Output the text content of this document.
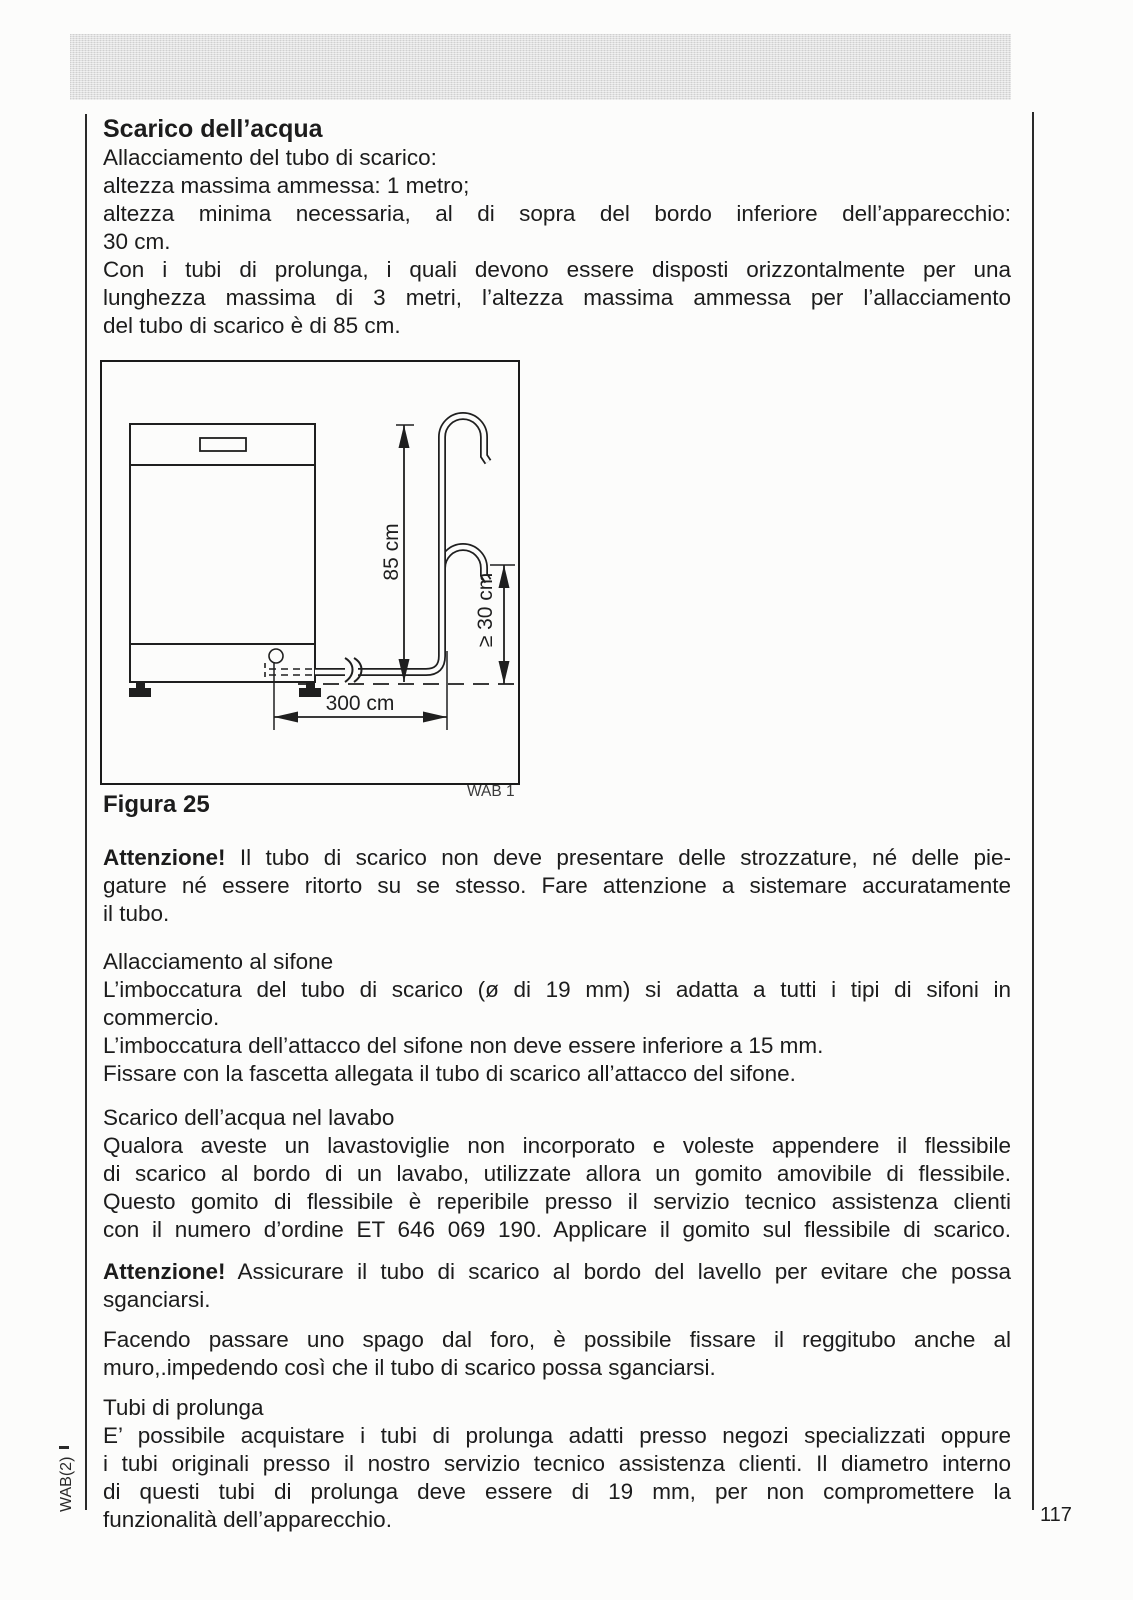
Scarico dell’acqua
Allacciamento del tubo di scarico:
altezza massima ammessa: 1 metro;
altezza minima necessaria, al di sopra del bordo inferiore dell’apparecchio:
30 cm.
Con i tubi di prolunga, i quali devono essere disposti orizzontalmente per una
lunghezza massima di 3 metri, l’altezza massima ammessa per l’allacciamento
del tubo di scarico è di 85 cm.
85 cm
≥ 30 cm
300 cm
Figura 25	WAB 1
Attenzione! Il tubo di scarico non deve presentare delle strozzature, né delle pie-
gature né essere ritorto su se stesso. Fare attenzione a sistemare accuratamente
il tubo.
Allacciamento al sifone
L’imboccatura del tubo di scarico (ø di 19 mm) si adatta a tutti i tipi di sifoni in
commercio.
L’imboccatura dell’attacco del sifone non deve essere inferiore a 15 mm.
Fissare con la fascetta allegata il tubo di scarico all’attacco del sifone.
Scarico dell’acqua nel lavabo
Qualora aveste un lavastoviglie non incorporato e voleste appendere il flessibile
di scarico al bordo di un lavabo, utilizzate allora un gomito amovibile di flessibile.
Questo gomito di flessibile è reperibile presso il servizio tecnico assistenza clienti
con il numero d’ordine ET 646 069 190. Applicare il gomito sul flessibile di scarico.
Attenzione! Assicurare il tubo di scarico al bordo del lavello per evitare che possa
sganciarsi.
Facendo passare uno spago dal foro, è possibile fissare il reggitubo anche al
muro,.impedendo così che il tubo di scarico possa sganciarsi.
Tubi di prolunga
E’ possibile acquistare i tubi di prolunga adatti presso negozi specializzati oppure
i tubi originali presso il nostro servizio tecnico assistenza clienti. Il diametro interno
di questi tubi di prolunga deve essere di 19 mm, per non compromettere la
funzionalità dell’apparecchio.
WAB(2)
117
